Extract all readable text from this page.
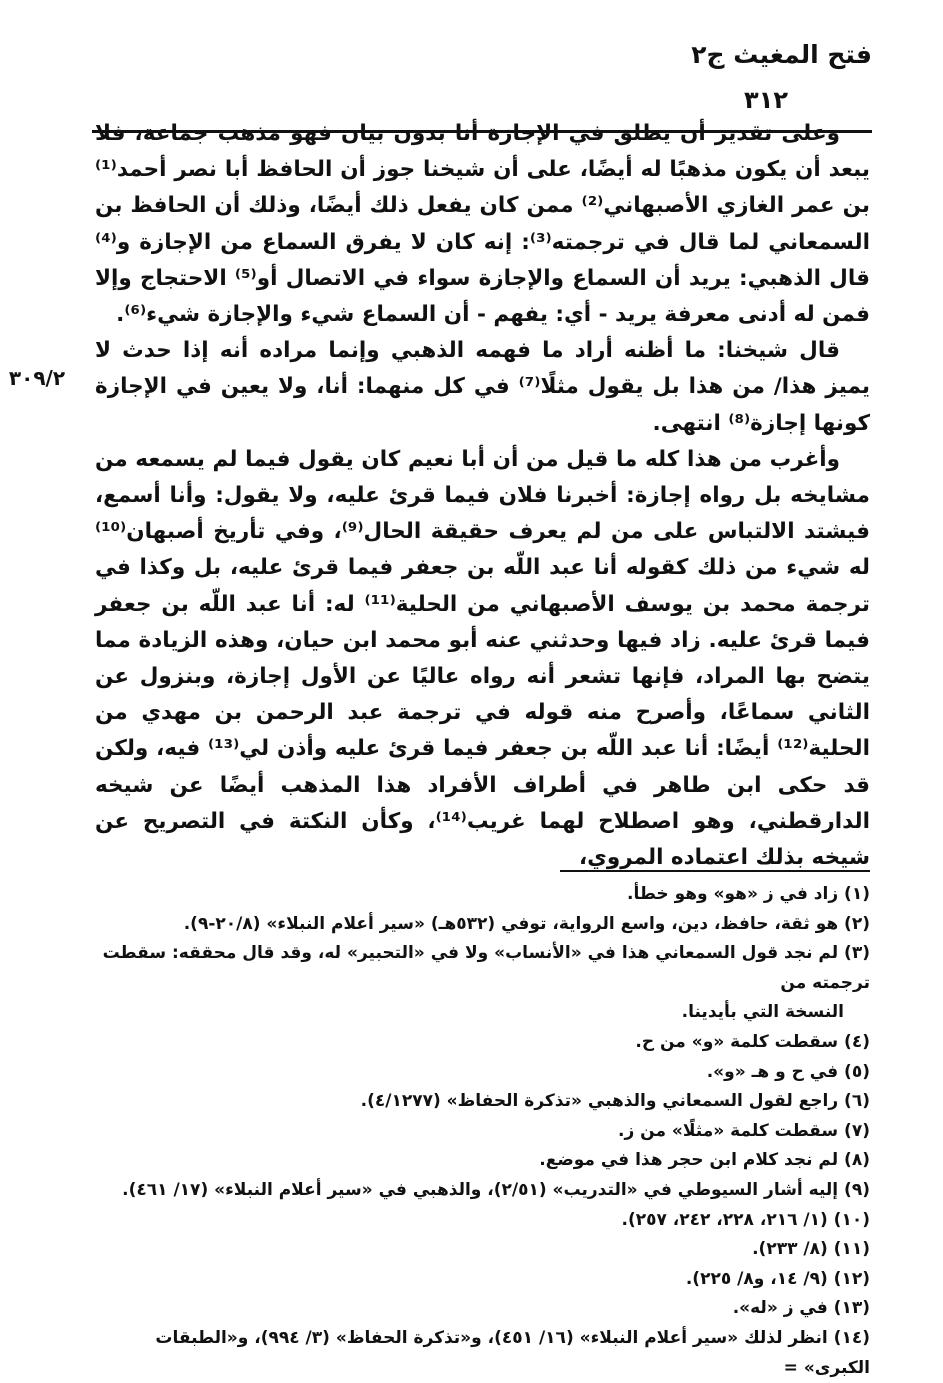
فتح المغيث ج٢
٣١٢
٣٠٩/٢

وعلى تقدير أن يطلق في الإجازة أنا بدون بيان فهو مذهب جماعة، فلا يبعد أن يكون مذهبًا له أيضًا، على أن شيخنا جوز أن الحافظ أبا نصر أحمد⁽¹⁾ بن عمر الغازي الأصبهاني⁽²⁾ ممن كان يفعل ذلك أيضًا، وذلك أن الحافظ بن السمعاني لما قال في ترجمته⁽³⁾: إنه كان لا يفرق السماع من الإجازة و⁽⁴⁾ قال الذهبي: يريد أن السماع والإجازة سواء في الاتصال أو⁽⁵⁾ الاحتجاج وإلا فمن له أدنى معرفة يريد - أي: يفهم - أن السماع شيء والإجازة شيء⁽⁶⁾.

قال شيخنا: ما أظنه أراد ما فهمه الذهبي وإنما مراده أنه إذا حدث لا يميز هذا/ من هذا بل يقول مثلًا⁽⁷⁾ في كل منهما: أنا، ولا يعين في الإجازة كونها إجازة⁽⁸⁾ انتهى.

وأغرب من هذا كله ما قيل من أن أبا نعيم كان يقول فيما لم يسمعه من مشايخه بل رواه إجازة: أخبرنا فلان فيما قرئ عليه، ولا يقول: وأنا أسمع، فيشتد الالتباس على من لم يعرف حقيقة الحال⁽⁹⁾، وفي تأريخ أصبهان⁽¹⁰⁾ له شيء من ذلك كقوله أنا عبد اللّه بن جعفر فيما قرئ عليه، بل وكذا في ترجمة محمد بن يوسف الأصبهاني من الحلية⁽¹¹⁾ له: أنا عبد اللّه بن جعفر فيما قرئ عليه. زاد فيها وحدثني عنه أبو محمد ابن حيان، وهذه الزيادة مما يتضح بها المراد، فإنها تشعر أنه رواه عاليًا عن الأول إجازة، وبنزول عن الثاني سماعًا، وأصرح منه قوله في ترجمة عبد الرحمن بن مهدي من الحلية⁽¹²⁾ أيضًا: أنا عبد اللّه بن جعفر فيما قرئ عليه وأذن لي⁽¹³⁾ فيه، ولكن قد حكى ابن طاهر في أطراف الأفراد هذا المذهب أيضًا عن شيخه الدارقطني، وهو اصطلاح لهما غريب⁽¹⁴⁾، وكأن النكتة في التصريح عن شيخه بذلك اعتماده المروي،

(١) زاد في ز «هو» وهو خطأ.

(٢) هو ثقة، حافظ، دين، واسع الرواية، توفي (٥٣٢هـ) «سير أعلام النبلاء» (٢٠/٨-٩).

(٣) لم نجد قول السمعاني هذا في «الأنساب» ولا في «التحبير» له، وقد قال محققه: سقطت ترجمته من

النسخة التي بأيدينا.

(٤) سقطت كلمة «و» من ح.

(٥) في ح و هـ «و».

(٦) راجع لقول السمعاني والذهبي «تذكرة الحفاظ» (٤/١٢٧٧).

(٧) سقطت كلمة «مثلًا» من ز.

(٨) لم نجد كلام ابن حجر هذا في موضع.

(٩) إليه أشار السيوطي في «التدريب» (٢/٥١)، والذهبي في «سير أعلام النبلاء» (١٧/ ٤٦١).

(١٠) (١/ ٢١٦، ٢٢٨، ٢٤٢، ٢٥٧).

(١١) (٨/ ٢٣٣).

(١٢) (٩/ ١٤، و٨/ ٢٢٥).

(١٣) في ز «له».

(١٤) انظر لذلك «سير أعلام النبلاء» (١٦/ ٤٥١)، و«تذكرة الحفاظ» (٣/ ٩٩٤)، و«الطبقات الكبرى» =
